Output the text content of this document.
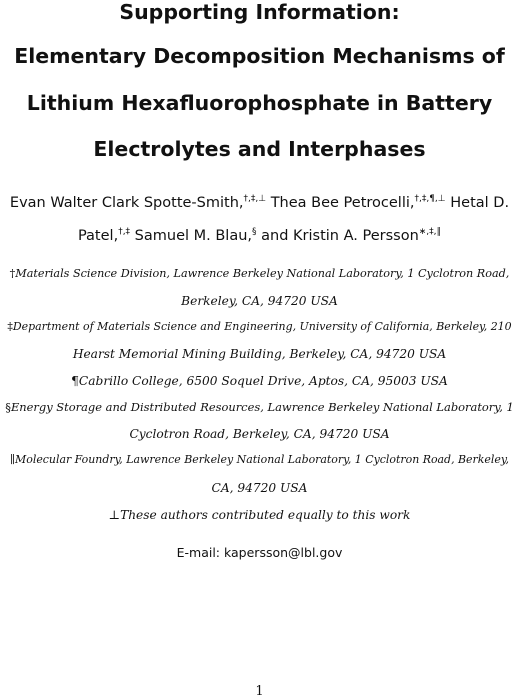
Supporting Information:
Elementary Decomposition Mechanisms of
Lithium Hexafluorophosphate in Battery
Electrolytes and Interphases
Evan Walter Clark Spotte-Smith,†,‡,⊥ Thea Bee Petrocelli,†,‡,¶,⊥ Hetal D.
Patel,†,‡ Samuel M. Blau,§ and Kristin A. Persson∗,‡,∥
†Materials Science Division, Lawrence Berkeley National Laboratory, 1 Cyclotron Road,
Berkeley, CA, 94720 USA
‡Department of Materials Science and Engineering, University of California, Berkeley, 210
Hearst Memorial Mining Building, Berkeley, CA, 94720 USA
¶Cabrillo College, 6500 Soquel Drive, Aptos, CA, 95003 USA
§Energy Storage and Distributed Resources, Lawrence Berkeley National Laboratory, 1
Cyclotron Road, Berkeley, CA, 94720 USA
∥Molecular Foundry, Lawrence Berkeley National Laboratory, 1 Cyclotron Road, Berkeley,
CA, 94720 USA
⊥These authors contributed equally to this work
E-mail: kapersson@lbl.gov
1
